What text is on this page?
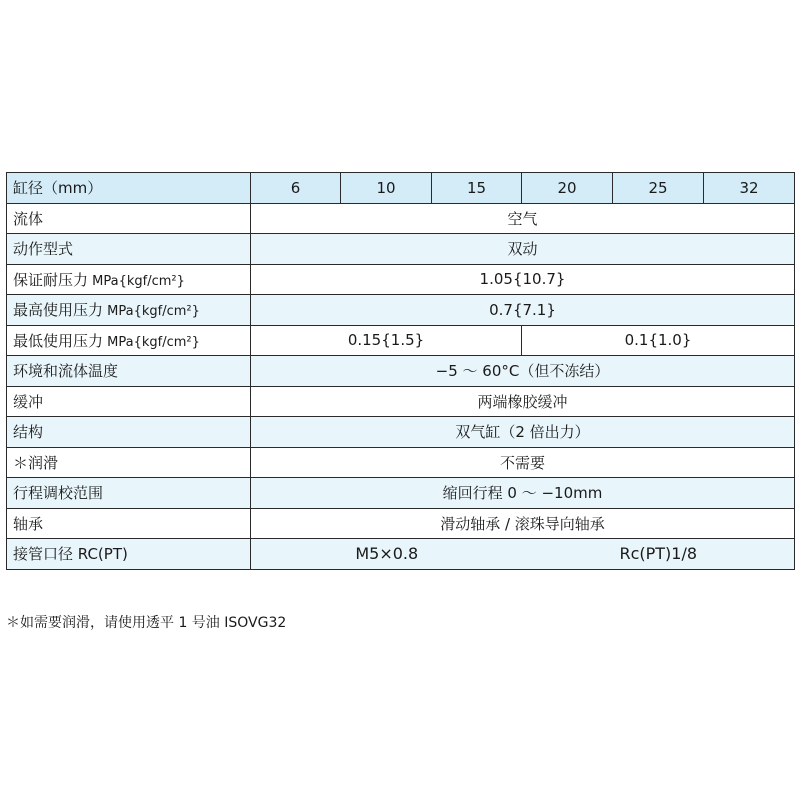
缸径（mm）	6	10	15	20	25	32
流体	空气					
动作型式	双动					
保证耐压力 MPa{kgf/cm²}	1.05{10.7}					
最高使用压力 MPa{kgf/cm²}	0.7{7.1}					
最低使用压力 MPa{kgf/cm²}	0.15{1.5}			0.1{1.0}		
环境和流体温度	−5 ～ 60°C（但不冻结）					
缓冲	两端橡胶缓冲					
结构	双气缸（2 倍出力）					
＊润滑	不需要					
行程调校范围	缩回行程 0 ～ −10mm					
轴承	滑动轴承 / 滚珠导向轴承					
接管口径 RC(PT)	M5×0.8 Rc(PT)1/8					
＊如需要润滑，请使用透平 1 号油 ISOVG32
